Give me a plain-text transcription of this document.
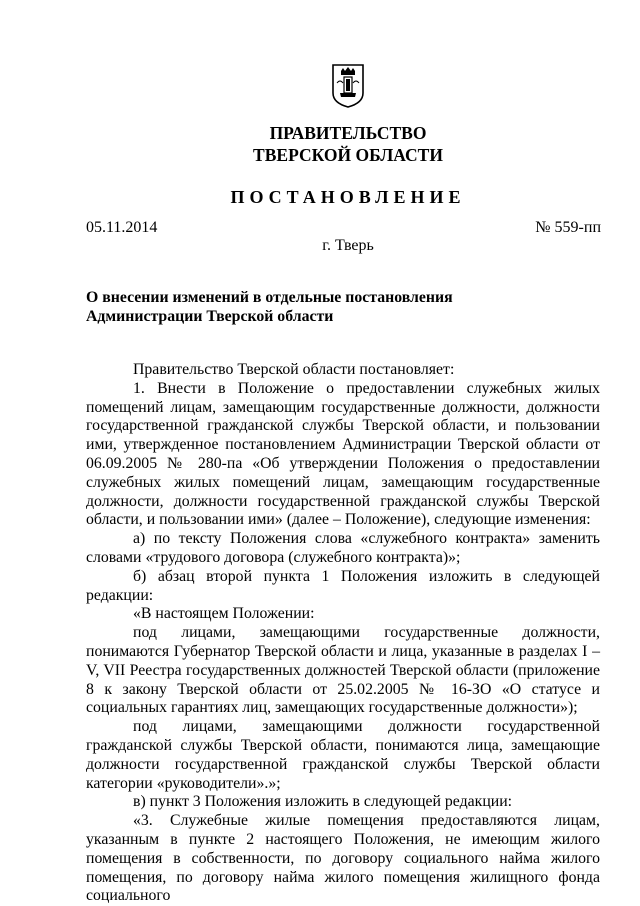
ПРАВИТЕЛЬСТВО
ТВЕРСКОЙ ОБЛАСТИ
ПОСТАНОВЛЕНИЕ
05.11.2014	№ 559-пп
г. Тверь
О внесении изменений в отдельные постановления
Администрации Тверской области

Правительство Тверской области постановляет:

1. Внести в Положение о предоставлении служебных жилых помещений лицам, замещающим государственные должности, должности государственной гражданской службы Тверской области, и пользовании ими, утвержденное постановлением Администрации Тверской области от 06.09.2005 № 280-па «Об утверждении Положения о предоставлении служебных жилых помещений лицам, замещающим государственные должности, должности государственной гражданской службы Тверской области, и пользовании ими» (далее – Положение), следующие изменения:

а) по тексту Положения слова «служебного контракта» заменить словами «трудового договора (служебного контракта)»;

б) абзац второй пункта 1 Положения изложить в следующей редакции:

«В настоящем Положении:

под лицами, замещающими государственные должности, понимаются Губернатор Тверской области и лица, указанные в разделах I – V, VII Реестра государственных должностей Тверской области (приложение 8 к закону Тверской области от 25.02.2005 № 16-ЗО «О статусе и социальных гарантиях лиц, замещающих государственные должности»);

под лицами, замещающими должности государственной гражданской службы Тверской области, понимаются лица, замещающие должности государственной гражданской службы Тверской области категории «руководители».»;

в) пункт 3 Положения изложить в следующей редакции:

«3. Служебные жилые помещения предоставляются лицам, указанным в пункте 2 настоящего Положения, не имеющим жилого помещения в собственности, по договору социального найма жилого помещения, по договору найма жилого помещения жилищного фонда социального
